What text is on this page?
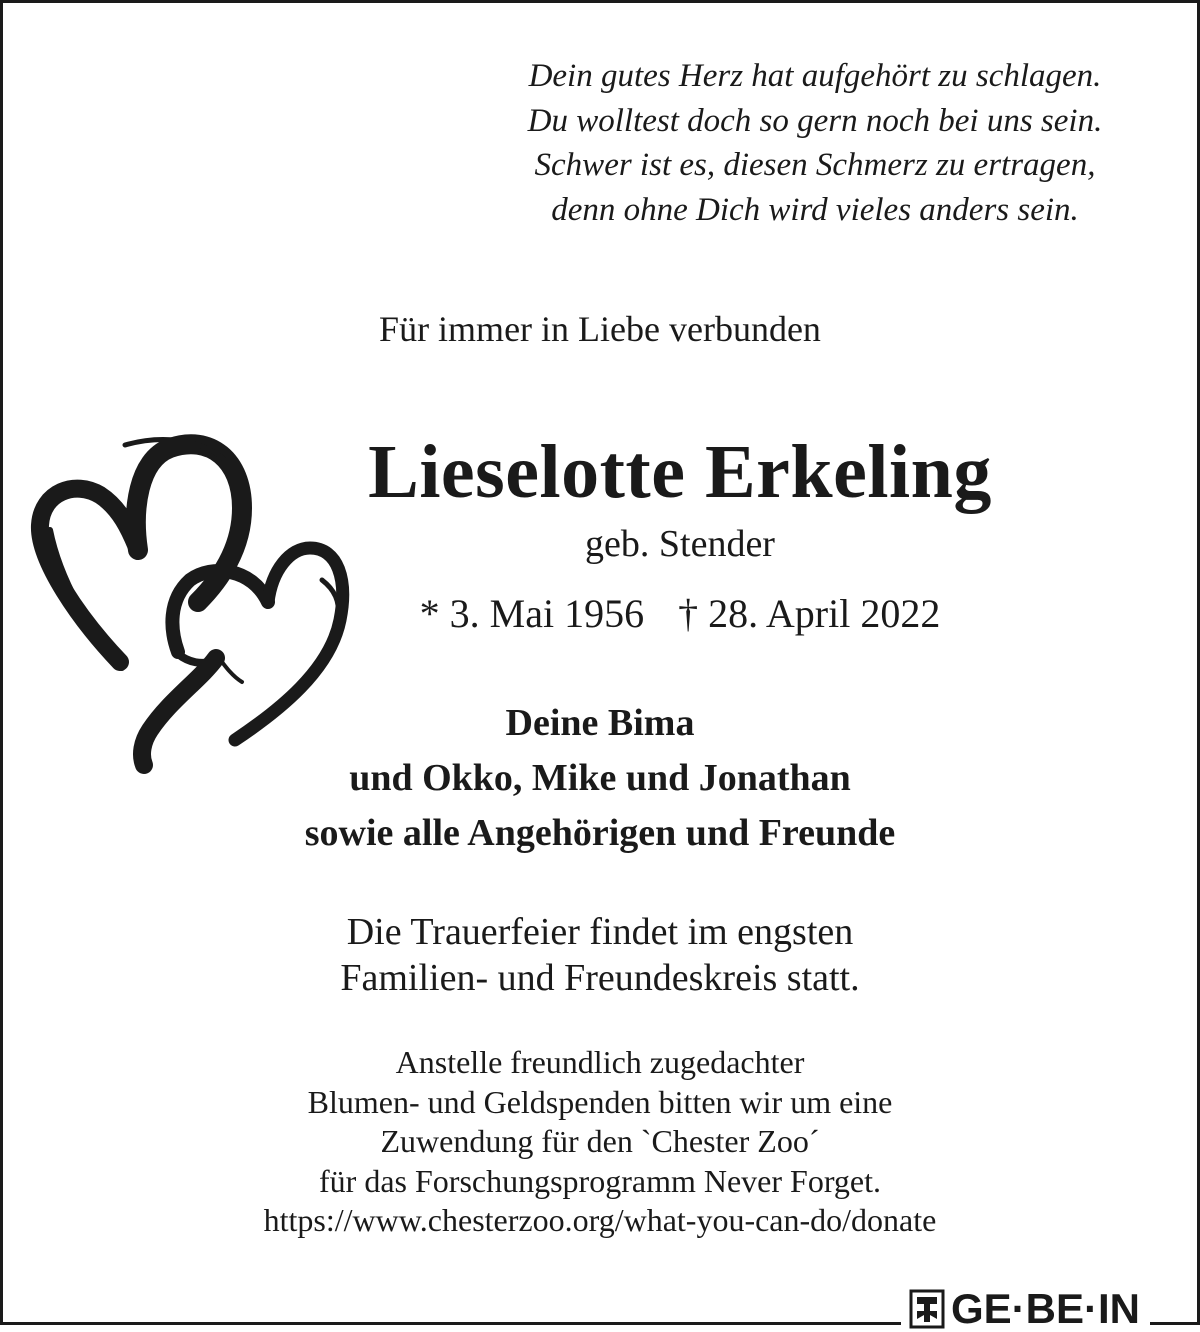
Dein gutes Herz hat aufgehört zu schlagen.
Du wolltest doch so gern noch bei uns sein.
Schwer ist es, diesen Schmerz zu ertragen,
denn ohne Dich wird vieles anders sein.

Für immer in Liebe verbunden

Lieselotte Erkeling

geb. Stender

* 3. Mai 1956 † 28. April 2022

Deine Bima
und Okko, Mike und Jonathan
sowie alle Angehörigen und Freunde
Die Trauerfeier findet im engsten
Familien- und Freundeskreis statt.
Anstelle freundlich zugedachter
Blumen- und Geldspenden bitten wir um eine
Zuwendung für den `Chester Zoo´
für das Forschungsprogramm Never Forget.
https://www.chesterzoo.org/what-you-can-do/donate
GE·BE·IN
